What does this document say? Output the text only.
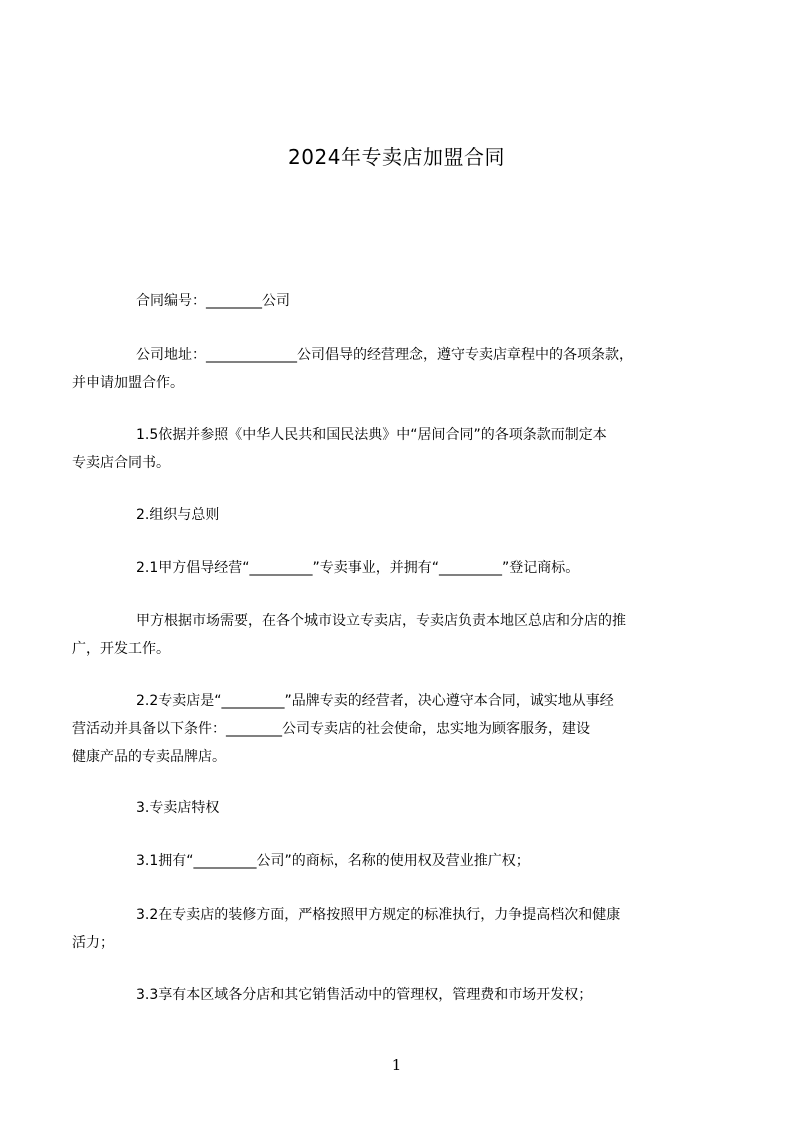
2024年专卖店加盟合同
合同编号：________公司
公司地址：_____________公司倡导的经营理念，遵守专卖店章程中的各项条款，
并申请加盟合作。
1.5依据并参照《中华人民共和国民法典》中“居间合同”的各项条款而制定本
专卖店合同书。
2.组织与总则
2.1甲方倡导经营“_________”专卖事业，并拥有“_________”登记商标。
甲方根据市场需要，在各个城市设立专卖店，专卖店负责本地区总店和分店的推
广，开发工作。
2.2专卖店是“_________”品牌专卖的经营者，决心遵守本合同，诚实地从事经
营活动并具备以下条件：________公司专卖店的社会使命，忠实地为顾客服务，建设
健康产品的专卖品牌店。
3.专卖店特权
3.1拥有“_________公司”的商标，名称的使用权及营业推广权；
3.2在专卖店的装修方面，严格按照甲方规定的标准执行，力争提高档次和健康
活力；
3.3享有本区域各分店和其它销售活动中的管理权，管理费和市场开发权；
1
